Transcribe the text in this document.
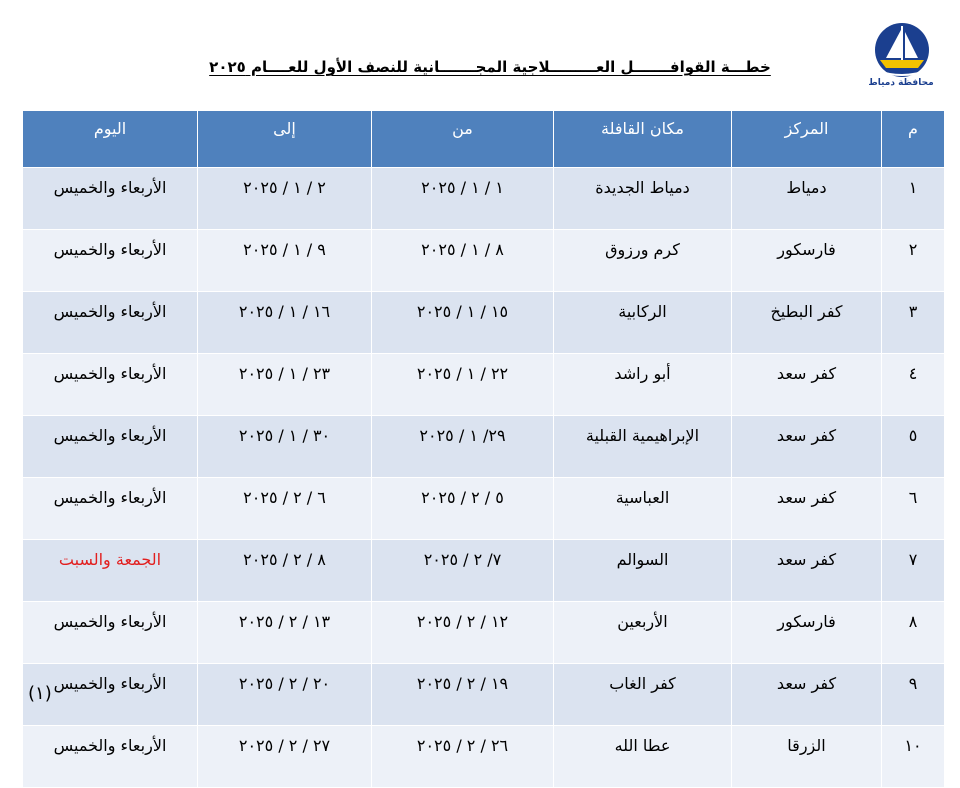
محافظة دمياط
خطـــة القوافـــــــل العـــــــــلاجية المجـــــــانية للنصف الأول للعــــام ٢٠٢٥
م	المركز	مكان القافلة	من	إلى	اليوم
١	دمياط	دمياط الجديدة	١ / ١ / ٢٠٢٥	٢ / ١ / ٢٠٢٥	الأربعاء والخميس
٢	فارسكور	كرم ورزوق	٨ / ١ / ٢٠٢٥	٩ / ١ / ٢٠٢٥	الأربعاء والخميس
٣	كفر البطيخ	الركابية	١٥ / ١ / ٢٠٢٥	١٦ / ١ / ٢٠٢٥	الأربعاء والخميس
٤	كفر سعد	أبو راشد	٢٢ / ١ / ٢٠٢٥	٢٣ / ١ / ٢٠٢٥	الأربعاء والخميس
٥	كفر سعد	الإبراهيمية القبلية	٢٩/ ١ / ٢٠٢٥	٣٠ / ١ / ٢٠٢٥	الأربعاء والخميس
٦	كفر سعد	العباسية	٥ / ٢ / ٢٠٢٥	٦ / ٢ / ٢٠٢٥	الأربعاء والخميس
٧	كفر سعد	السوالم	٧/ ٢ / ٢٠٢٥	٨ / ٢ / ٢٠٢٥	الجمعة والسبت
٨	فارسكور	الأربعين	١٢ / ٢ / ٢٠٢٥	١٣ / ٢ / ٢٠٢٥	الأربعاء والخميس
٩	كفر سعد	كفر الغاب	١٩ / ٢ / ٢٠٢٥	٢٠ / ٢ / ٢٠٢٥	الأربعاء والخميس
١٠	الزرقا	عطا الله	٢٦ / ٢ / ٢٠٢٥	٢٧ / ٢ / ٢٠٢٥	الأربعاء والخميس
(١)
